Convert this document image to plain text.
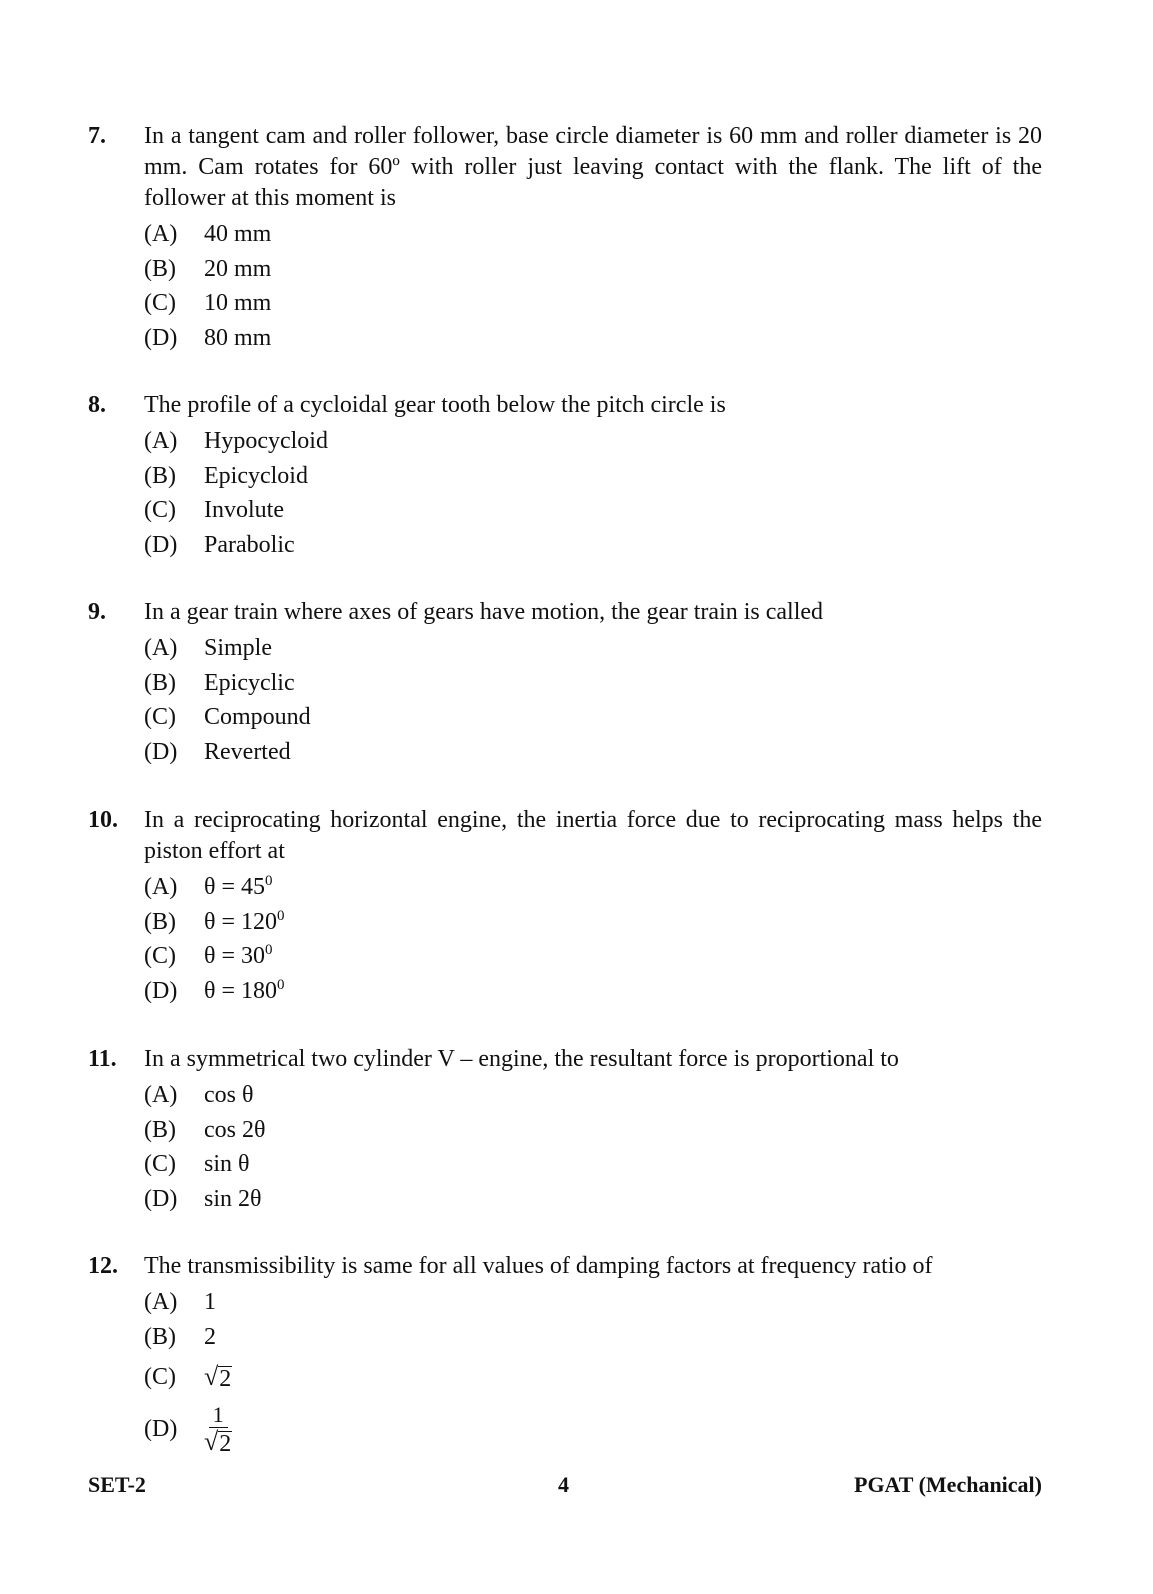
7. In a tangent cam and roller follower, base circle diameter is 60 mm and roller diameter is 20 mm. Cam rotates for 60º with roller just leaving contact with the flank. The lift of the follower at this moment is
(A)	40 mm
(B)	20 mm
(C)	10 mm
(D)	80 mm
8. The profile of a cycloidal gear tooth below the pitch circle is
(A)	Hypocycloid
(B)	Epicycloid
(C)	Involute
(D)	Parabolic
9. In a gear train where axes of gears have motion, the gear train is called
(A)	Simple
(B)	Epicyclic
(C)	Compound
(D)	Reverted
10. In a reciprocating horizontal engine, the inertia force due to reciprocating mass helps the piston effort at
(A)	$\theta = 45^0$
(B)	$\theta = 120^0$
(C)	$\theta = 30^0$
(D)	$\theta = 180^0$
11. In a symmetrical two cylinder V – engine, the resultant force is proportional to
(A)	cos θ
(B)	cos 2θ
(C)	sin θ
(D)	sin 2θ
12. The transmissibility is same for all values of damping factors at frequency ratio of
(A)	1
(B)	2
(C)	√ 2
(D)	$\frac{1}{√ 2}$
SET-2	4	PGAT (Mechanical)
